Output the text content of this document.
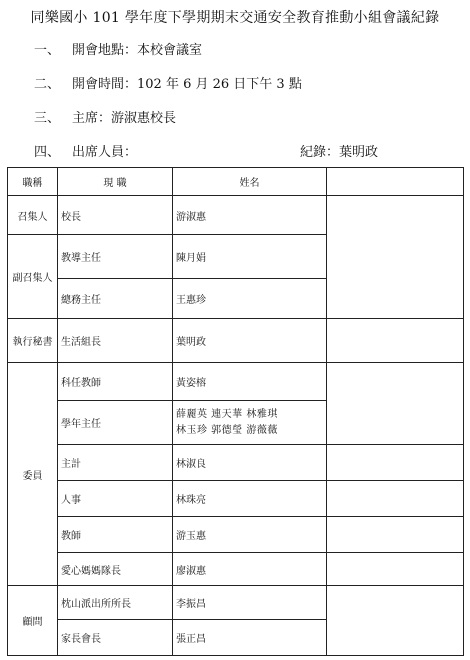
同樂國小 101 學年度下學期期末交通安全教育推動小組會議紀錄
一、 開會地點：本校會議室
二、 開會時間：102 年 6 月 26 日下午 3 點
三、 主席：游淑惠校長
四、 出席人員：	紀錄：葉明政
職稱	現 職	姓名	
召集人	校長	游淑惠	
副召集人	教導主任	陳月娟	
	總務主任	王惠珍	
執行秘書	生活組長	葉明政	
委員	科任教師	黃姿榕	
	學年主任	薛麗英 連天華 林雅琪
林玉珍 郭德瑩 游薇薇	

	主計	林淑良	
	人事	林珠亮	
	教師	游玉惠	
	愛心媽媽隊長	廖淑惠	
顧問	枕山派出所所長	李振昌	
	家長會長	張正昌	
